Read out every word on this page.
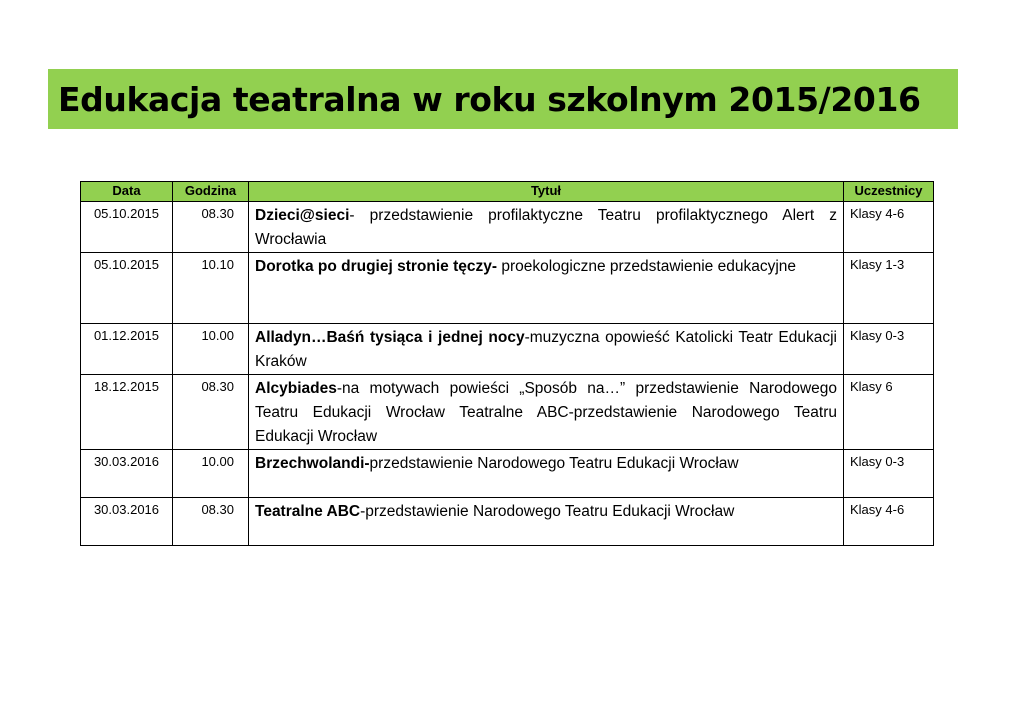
Edukacja teatralna w roku szkolnym 2015/2016
Data	Godzina	Tytuł	Uczestnicy
05.10.2015	08.30	Dzieci@sieci- przedstawienie profilaktyczne Teatru profilaktycznego Alert z Wrocławia	Klasy 4-6
05.10.2015	10.10	Dorotka po drugiej stronie tęczy- proekologiczne przedstawienie edukacyjne	Klasy 1-3
01.12.2015	10.00	Alladyn…Baśń tysiąca i jednej nocy-muzyczna opowieść Katolicki Teatr Edukacji Kraków	Klasy 0-3
18.12.2015	08.30	Alcybiades-na motywach powieści „Sposób na…” przedstawienie Narodowego Teatru Edukacji Wrocław Teatralne ABC-przedstawienie Narodowego Teatru Edukacji Wrocław	Klasy 6
30.03.2016	10.00	Brzechwolandi-przedstawienie Narodowego Teatru Edukacji Wrocław	Klasy 0-3
30.03.2016	08.30	Teatralne ABC-przedstawienie Narodowego Teatru Edukacji Wrocław	Klasy 4-6
